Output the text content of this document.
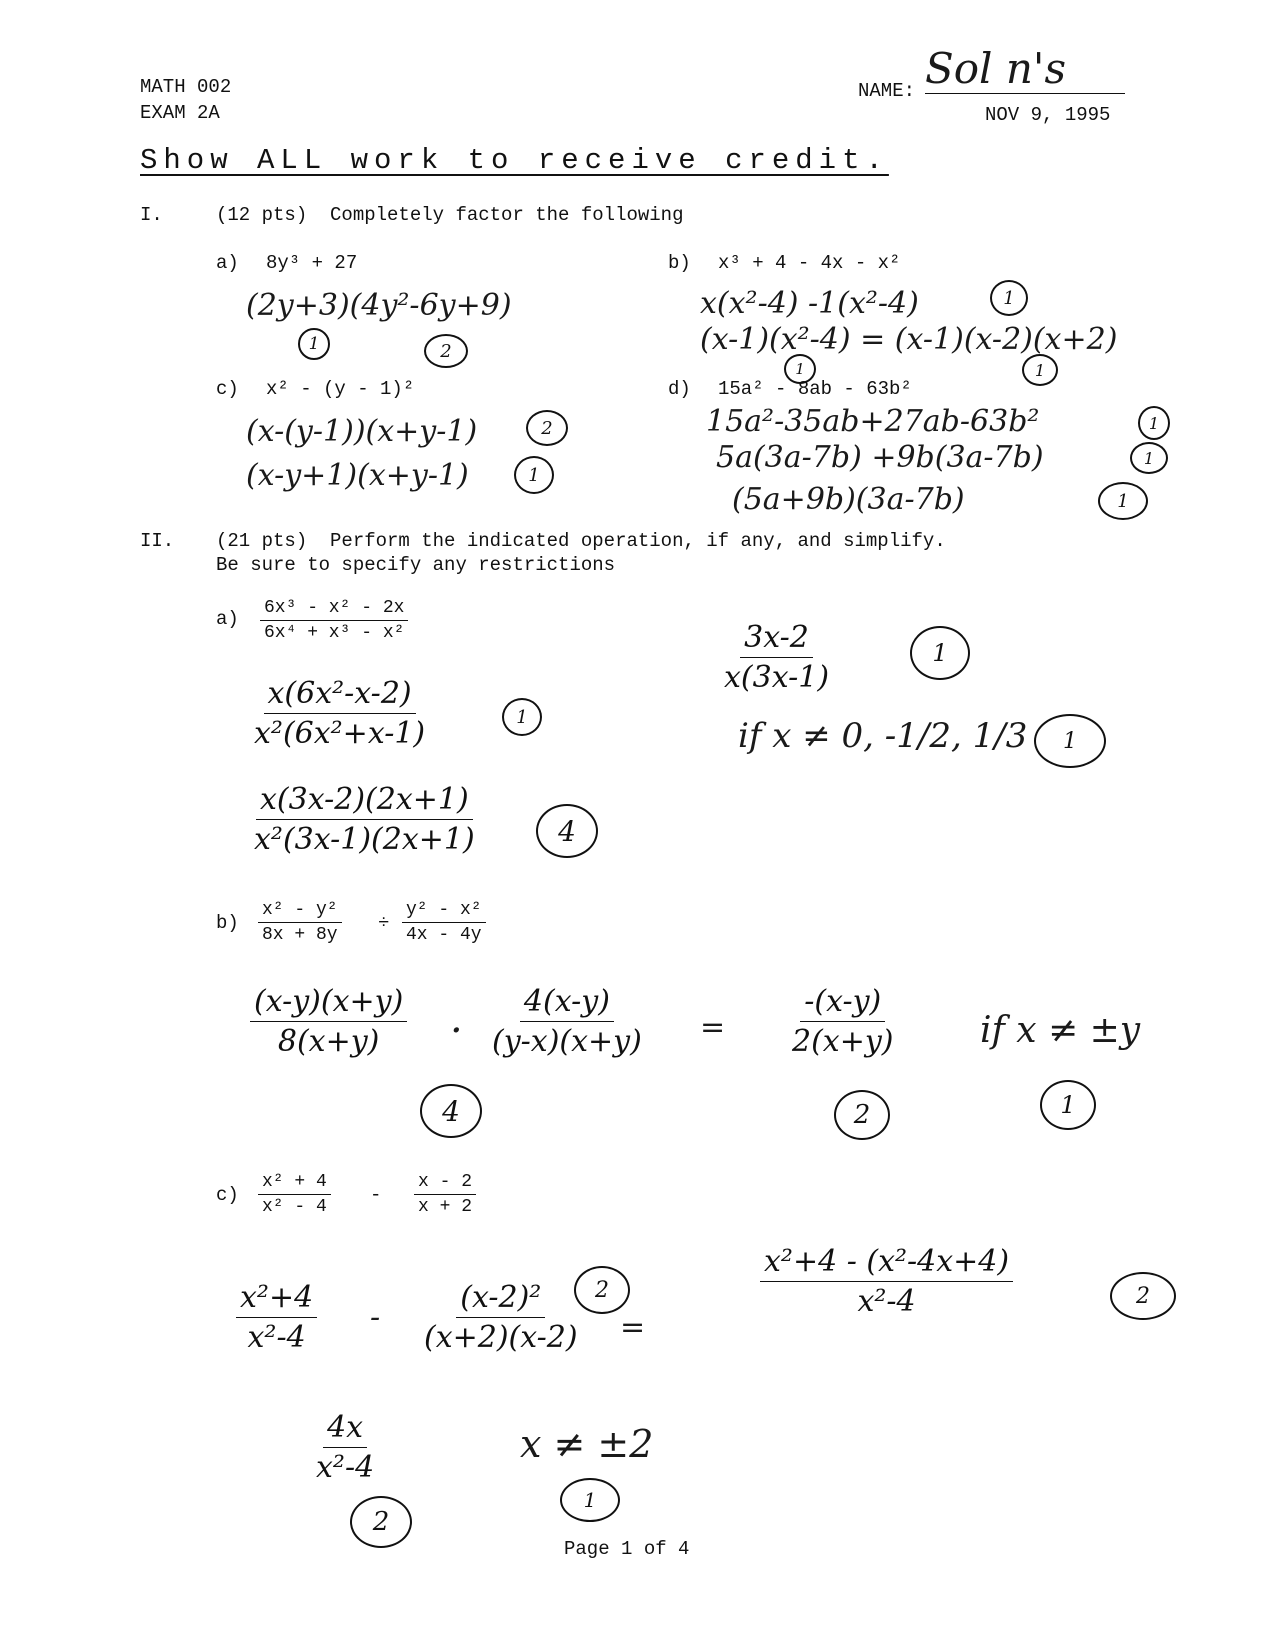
MATH 002
EXAM 2A
NAME: Sol n's
NOV 9, 1995
Show ALL work to receive credit.
I.	(12 pts)  Completely factor the following
a) 8y³ + 27
(2y+3)(4y²-6y+9)
1	2
b) x³ + 4 - 4x - x²
x(x²-4) -1(x²-4)	1
(x-1)(x²-4) = (x-1)(x-2)(x+2)
1	1
c) x² - (y - 1)²
(x-(y-1))(x+y-1)	2
(x-y+1)(x+y-1)	1
d) 15a² - 8ab - 63b²
15a²-35ab+27ab-63b²	1
5a(3a-7b) +9b(3a-7b)	1
(5a+9b)(3a-7b)	1
II. (21 pts)  Perform the indicated operation, if any, and simplify.
Be sure to specify any restrictions
$a) \frac{\text{6x³ - x² - 2x}}{\text{6x⁴ + x³ - x²}}$
$\frac{\text{x(6x²-x-2)}}{\text{x²(6x²+x-1)}}$	1
$\frac{x(3x-2)(2x+1)}{\text{x²(3x-1)(2x+1)}}$	4
$\frac{3x-2}{x(3x-1)}$	1
if x ≠ 0, -1/2, 1/3	1
$b) \frac{\text{x² - y²}}{8x + 8y} \div \frac{\text{y² - x²}}{4x - 4y}$
$\frac{(x-y)(x+y)}{8(x+y)} \cdot \frac{4(x-y)}{(y-x)(x+y)}$ =
4
$\frac{-(x-y)}{2(x+y)}$
2
if x ≠ ±y
1
$c) \frac{\text{x² + 4}}{\text{x² - 4}} - \frac{x - 2}{x + 2}$
$\frac{\text{x²+4}}{\text{x²-4}} - \frac{\text{(x-2)²}}{(x+2)(x-2)} 2$
=
$\frac{\text{x²+4 - (x²-4x+4)}}{\text{x²-4}}$	2
$\frac{4x}{\text{x²-4}}$
2
x ≠ ±2
1
Page 1 of 4
